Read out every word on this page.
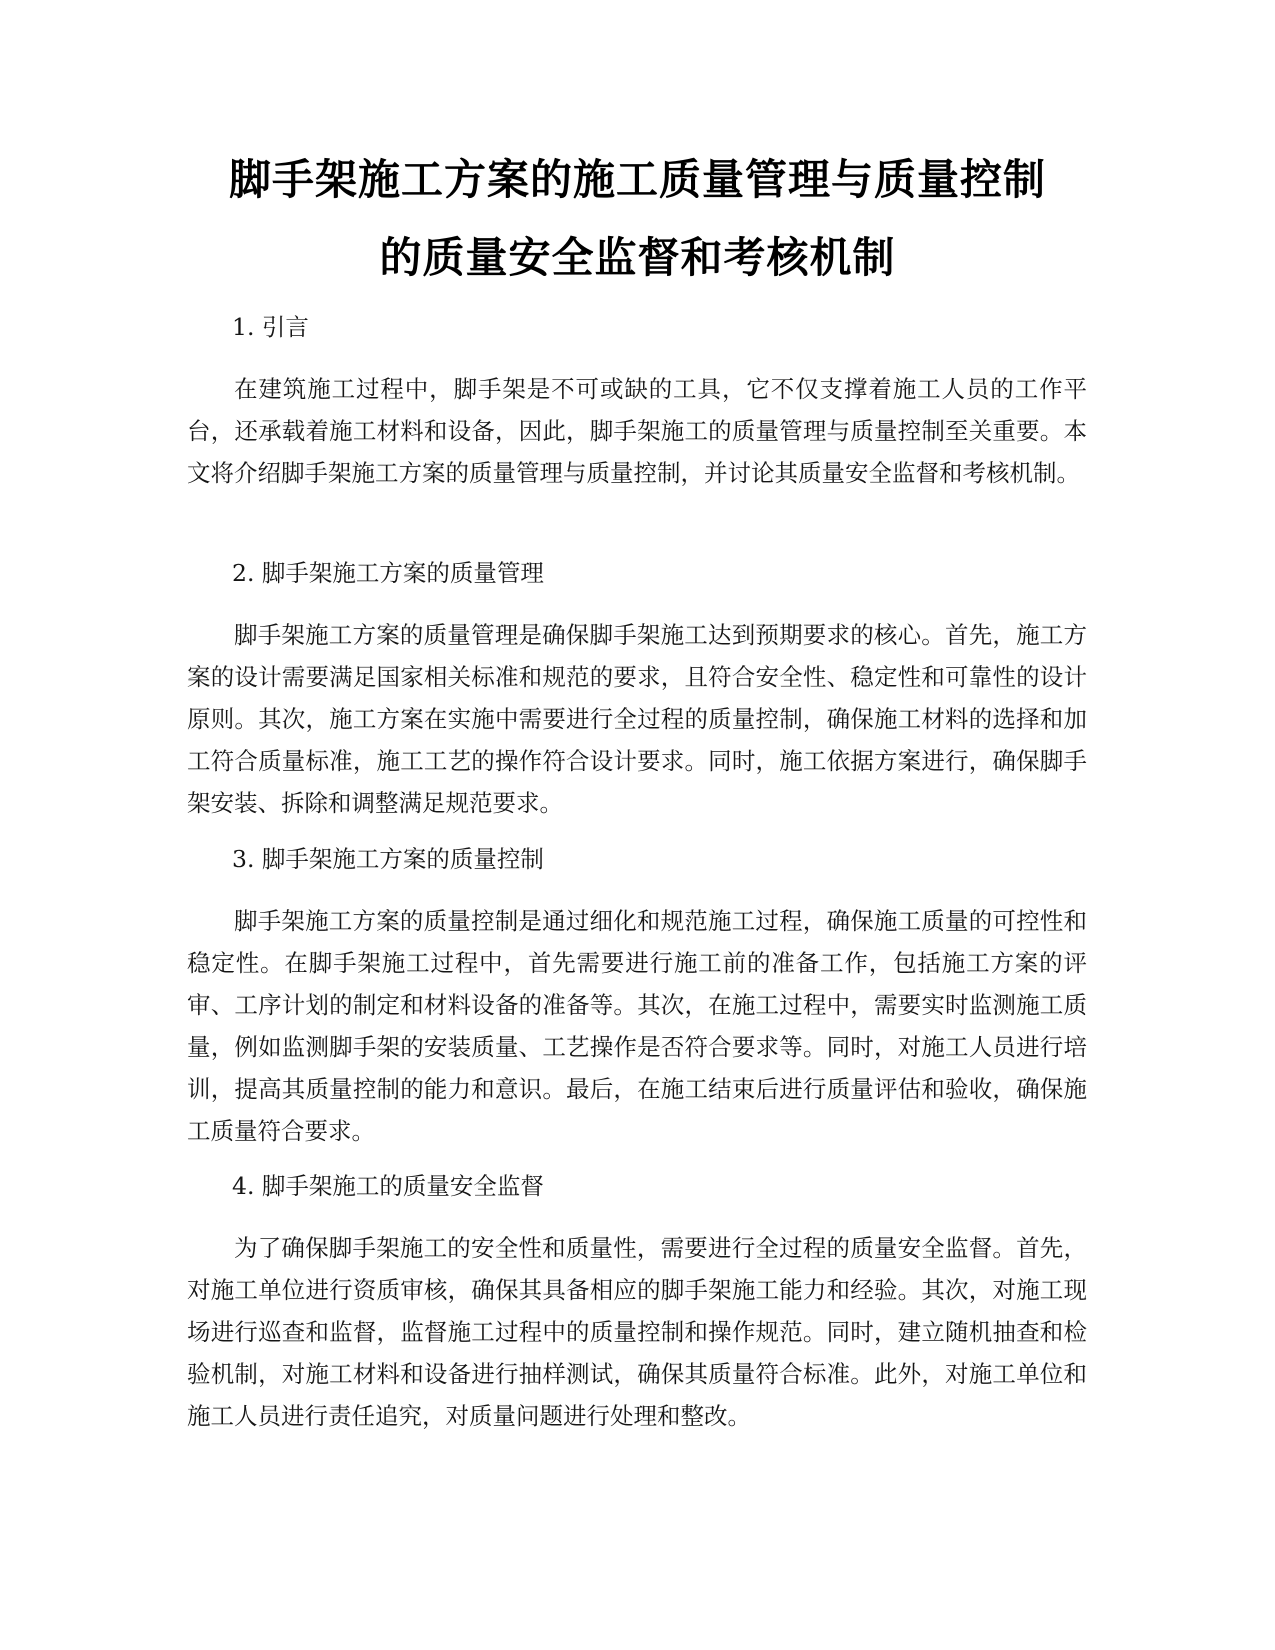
脚手架施工方案的施工质量管理与质量控制
的质量安全监督和考核机制

1. 引言

在建筑施工过程中，脚手架是不可或缺的工具，它不仅支撑着施工人员的工作平台，还承载着施工材料和设备，因此，脚手架施工的质量管理与质量控制至关重要。本文将介绍脚手架施工方案的质量管理与质量控制，并讨论其质量安全监督和考核机制。

2. 脚手架施工方案的质量管理

脚手架施工方案的质量管理是确保脚手架施工达到预期要求的核心。首先，施工方案的设计需要满足国家相关标准和规范的要求，且符合安全性、稳定性和可靠性的设计原则。其次，施工方案在实施中需要进行全过程的质量控制，确保施工材料的选择和加工符合质量标准，施工工艺的操作符合设计要求。同时，施工依据方案进行，确保脚手架安装、拆除和调整满足规范要求。

3. 脚手架施工方案的质量控制

脚手架施工方案的质量控制是通过细化和规范施工过程，确保施工质量的可控性和稳定性。在脚手架施工过程中，首先需要进行施工前的准备工作，包括施工方案的评审、工序计划的制定和材料设备的准备等。其次，在施工过程中，需要实时监测施工质量，例如监测脚手架的安装质量、工艺操作是否符合要求等。同时，对施工人员进行培训，提高其质量控制的能力和意识。最后，在施工结束后进行质量评估和验收，确保施工质量符合要求。

4. 脚手架施工的质量安全监督

为了确保脚手架施工的安全性和质量性，需要进行全过程的质量安全监督。首先，对施工单位进行资质审核，确保其具备相应的脚手架施工能力和经验。其次，对施工现场进行巡查和监督，监督施工过程中的质量控制和操作规范。同时，建立随机抽查和检验机制，对施工材料和设备进行抽样测试，确保其质量符合标准。此外，对施工单位和施工人员进行责任追究，对质量问题进行处理和整改。
